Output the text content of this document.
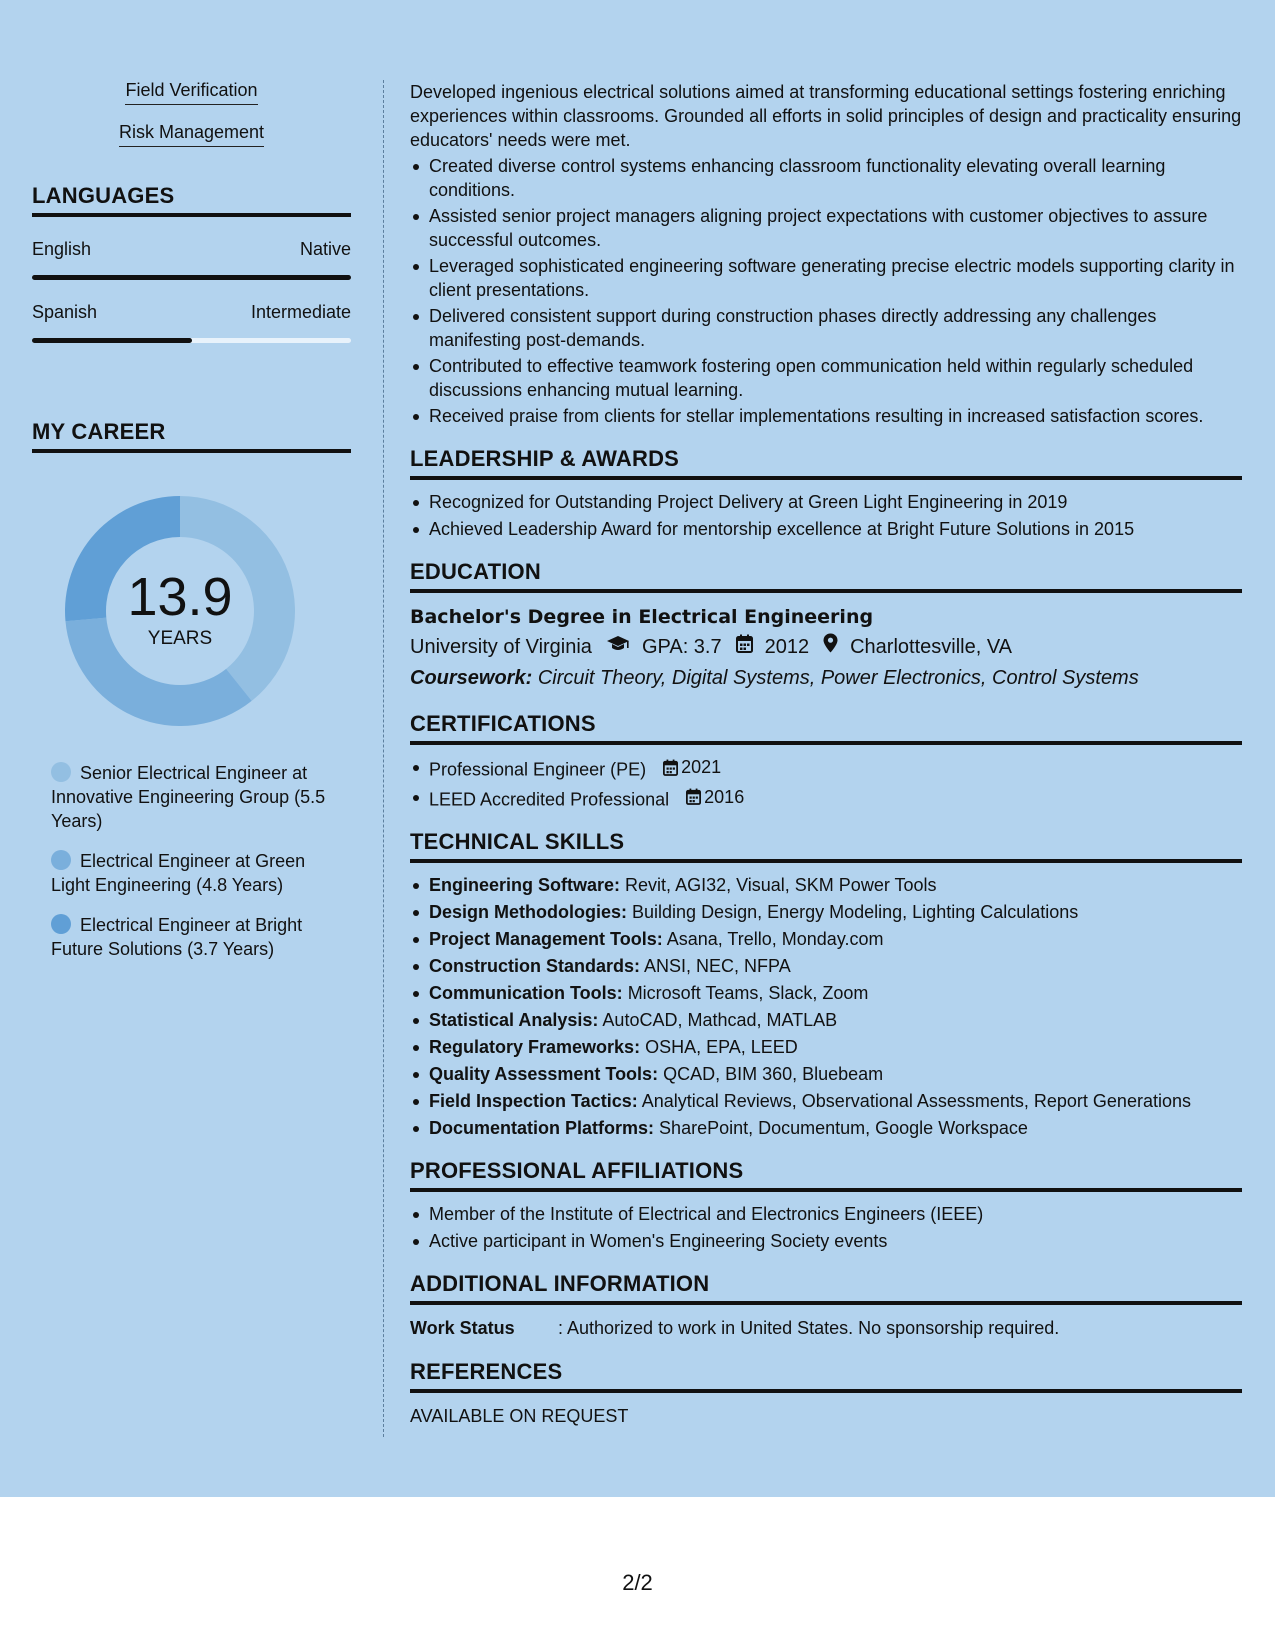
Field Verification
Risk Management
LANGUAGES
English	Native
Spanish	Intermediate
MY CAREER
13.9
YEARS
Senior Electrical Engineer at Innovative Engineering Group (5.5 Years)
Electrical Engineer at Green Light Engineering (4.8 Years)
Electrical Engineer at Bright Future Solutions (3.7 Years)

Developed ingenious electrical solutions aimed at transforming educational settings fostering enriching experiences within classrooms. Grounded all efforts in solid principles of design and practicality ensuring educators' needs were met.

Created diverse control systems enhancing classroom functionality elevating overall learning conditions.
Assisted senior project managers aligning project expectations with customer objectives to assure successful outcomes.
Leveraged sophisticated engineering software generating precise electric models supporting clarity in client presentations.
Delivered consistent support during construction phases directly addressing any challenges manifesting post-demands.
Contributed to effective teamwork fostering open communication held within regularly scheduled discussions enhancing mutual learning.
Received praise from clients for stellar implementations resulting in increased satisfaction scores.
LEADERSHIP & AWARDS
Recognized for Outstanding Project Delivery at Green Light Engineering in 2019
Achieved Leadership Award for mentorship excellence at Bright Future Solutions in 2015
EDUCATION
Bachelor's Degree in Electrical Engineering
University of Virginia	GPA: 3.7 2012 Charlottesville, VA
Coursework: Circuit Theory, Digital Systems, Power Electronics, Control Systems
CERTIFICATIONS
Professional Engineer (PE) 2021
LEED Accredited Professional 2016
TECHNICAL SKILLS
Engineering Software: Revit, AGI32, Visual, SKM Power Tools
Design Methodologies: Building Design, Energy Modeling, Lighting Calculations
Project Management Tools: Asana, Trello, Monday.com
Construction Standards: ANSI, NEC, NFPA
Communication Tools: Microsoft Teams, Slack, Zoom
Statistical Analysis: AutoCAD, Mathcad, MATLAB
Regulatory Frameworks: OSHA, EPA, LEED
Quality Assessment Tools: QCAD, BIM 360, Bluebeam
Field Inspection Tactics: Analytical Reviews, Observational Assessments, Report Generations
Documentation Platforms: SharePoint, Documentum, Google Workspace
PROFESSIONAL AFFILIATIONS
Member of the Institute of Electrical and Electronics Engineers (IEEE)
Active participant in Women's Engineering Society events
ADDITIONAL INFORMATION
Work Status : Authorized to work in United States. No sponsorship required.
REFERENCES
AVAILABLE ON REQUEST
2/2
